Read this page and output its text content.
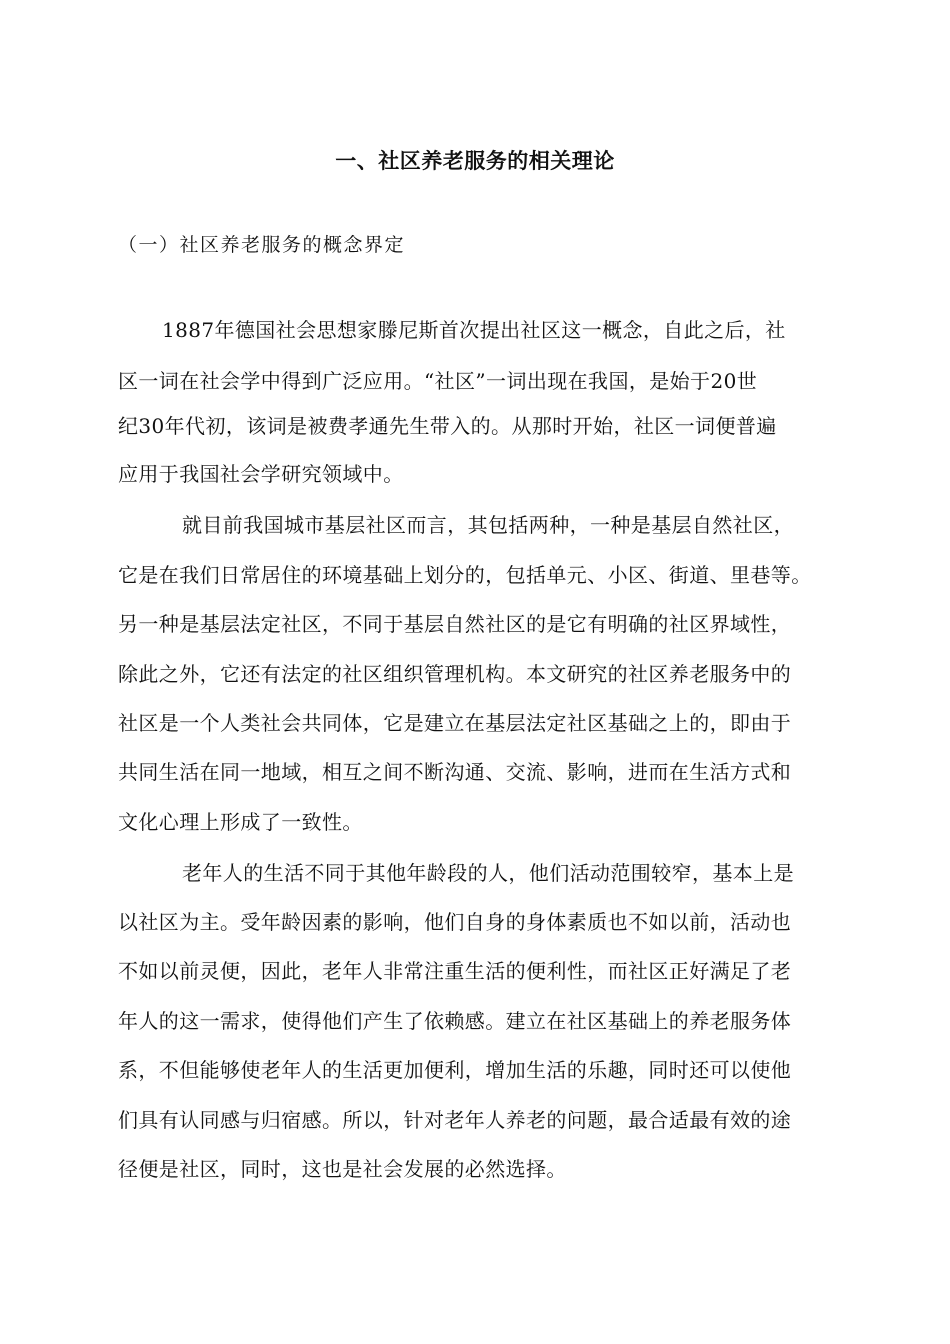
一、社区养老服务的相关理论
（一）社区养老服务的概念界定
1887年德国社会思想家滕尼斯首次提出社区这一概念，自此之后，社
区一词在社会学中得到广泛应用。“社区”一词出现在我国，是始于20世
纪30年代初，该词是被费孝通先生带入的。从那时开始，社区一词便普遍
应用于我国社会学研究领域中。
就目前我国城市基层社区而言，其包括两种，一种是基层自然社区，
它是在我们日常居住的环境基础上划分的，包括单元、小区、街道、里巷等。
另一种是基层法定社区，不同于基层自然社区的是它有明确的社区界域性，
除此之外，它还有法定的社区组织管理机构。本文研究的社区养老服务中的
社区是一个人类社会共同体，它是建立在基层法定社区基础之上的，即由于
共同生活在同一地域，相互之间不断沟通、交流、影响，进而在生活方式和
文化心理上形成了一致性。
老年人的生活不同于其他年龄段的人，他们活动范围较窄，基本上是
以社区为主。受年龄因素的影响，他们自身的身体素质也不如以前，活动也
不如以前灵便，因此，老年人非常注重生活的便利性，而社区正好满足了老
年人的这一需求，使得他们产生了依赖感。建立在社区基础上的养老服务体
系，不但能够使老年人的生活更加便利，增加生活的乐趣，同时还可以使他
们具有认同感与归宿感。所以，针对老年人养老的问题，最合适最有效的途
径便是社区，同时，这也是社会发展的必然选择。
